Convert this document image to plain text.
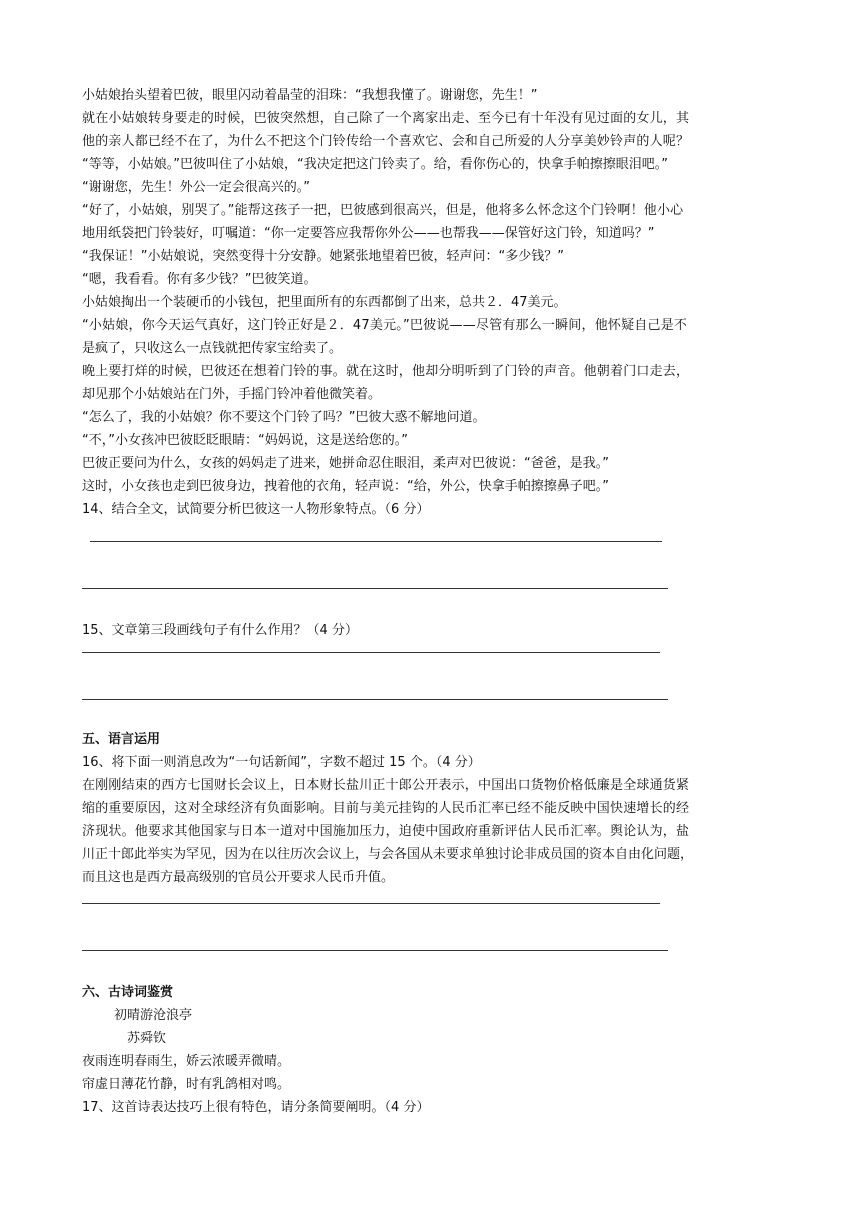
小姑娘抬头望着巴彼，眼里闪动着晶莹的泪珠：“我想我懂了。谢谢您，先生！”

就在小姑娘转身要走的时候，巴彼突然想，自己除了一个离家出走、至今已有十年没有见过面的女儿，其

他的亲人都已经不在了，为什么不把这个门铃传给一个喜欢它、会和自己所爱的人分享美妙铃声的人呢？

“等等，小姑娘。”巴彼叫住了小姑娘，“我决定把这门铃卖了。给，看你伤心的，快拿手帕擦擦眼泪吧。”

“谢谢您，先生！外公一定会很高兴的。”

“好了，小姑娘，别哭了。”能帮这孩子一把，巴彼感到很高兴，但是，他将多么怀念这个门铃啊！他小心

地用纸袋把门铃装好，叮嘱道：“你一定要答应我帮你外公——也帮我——保管好这门铃，知道吗？”

“我保证！”小姑娘说，突然变得十分安静。她紧张地望着巴彼，轻声问：“多少钱？”

“嗯，我看看。你有多少钱？”巴彼笑道。

小姑娘掏出一个装硬币的小钱包，把里面所有的东西都倒了出来，总共２．47美元。

“小姑娘，你今天运气真好，这门铃正好是２．47美元。”巴彼说——尽管有那么一瞬间，他怀疑自己是不

是疯了，只收这么一点钱就把传家宝给卖了。

晚上要打烊的时候，巴彼还在想着门铃的事。就在这时，他却分明听到了门铃的声音。他朝着门口走去，

却见那个小姑娘站在门外，手摇门铃冲着他微笑着。

“怎么了，我的小姑娘？你不要这个门铃了吗？”巴彼大惑不解地问道。

“不，”小女孩冲巴彼眨眨眼睛：“妈妈说，这是送给您的。”

巴彼正要问为什么，女孩的妈妈走了进来，她拼命忍住眼泪，柔声对巴彼说：“爸爸，是我。”

这时，小女孩也走到巴彼身边，拽着他的衣角，轻声说：“给，外公，快拿手帕擦擦鼻子吧。”

14、结合全文，试简要分析巴彼这一人物形象特点。（6 分）

15、文章第三段画线句子有什么作用？（4 分）

五、语言运用

16、将下面一则消息改为“一句话新闻”，字数不超过 15 个。（4 分）

在刚刚结束的西方七国财长会议上，日本财长盐川正十郎公开表示，中国出口货物价格低廉是全球通货紧

缩的重要原因，这对全球经济有负面影响。目前与美元挂钩的人民币汇率已经不能反映中国快速增长的经

济现状。他要求其他国家与日本一道对中国施加压力，迫使中国政府重新评估人民币汇率。舆论认为，盐

川正十郎此举实为罕见，因为在以往历次会议上，与会各国从未要求单独讨论非成员国的资本自由化问题，

而且这也是西方最高级别的官员公开要求人民币升值。

六、古诗词鉴赏

初晴游沧浪亭

苏舜钦

夜雨连明春雨生，娇云浓暖弄微晴。

帘虚日薄花竹静，时有乳鸽相对鸣。

17、这首诗表达技巧上很有特色，请分条简要阐明。（4 分）
